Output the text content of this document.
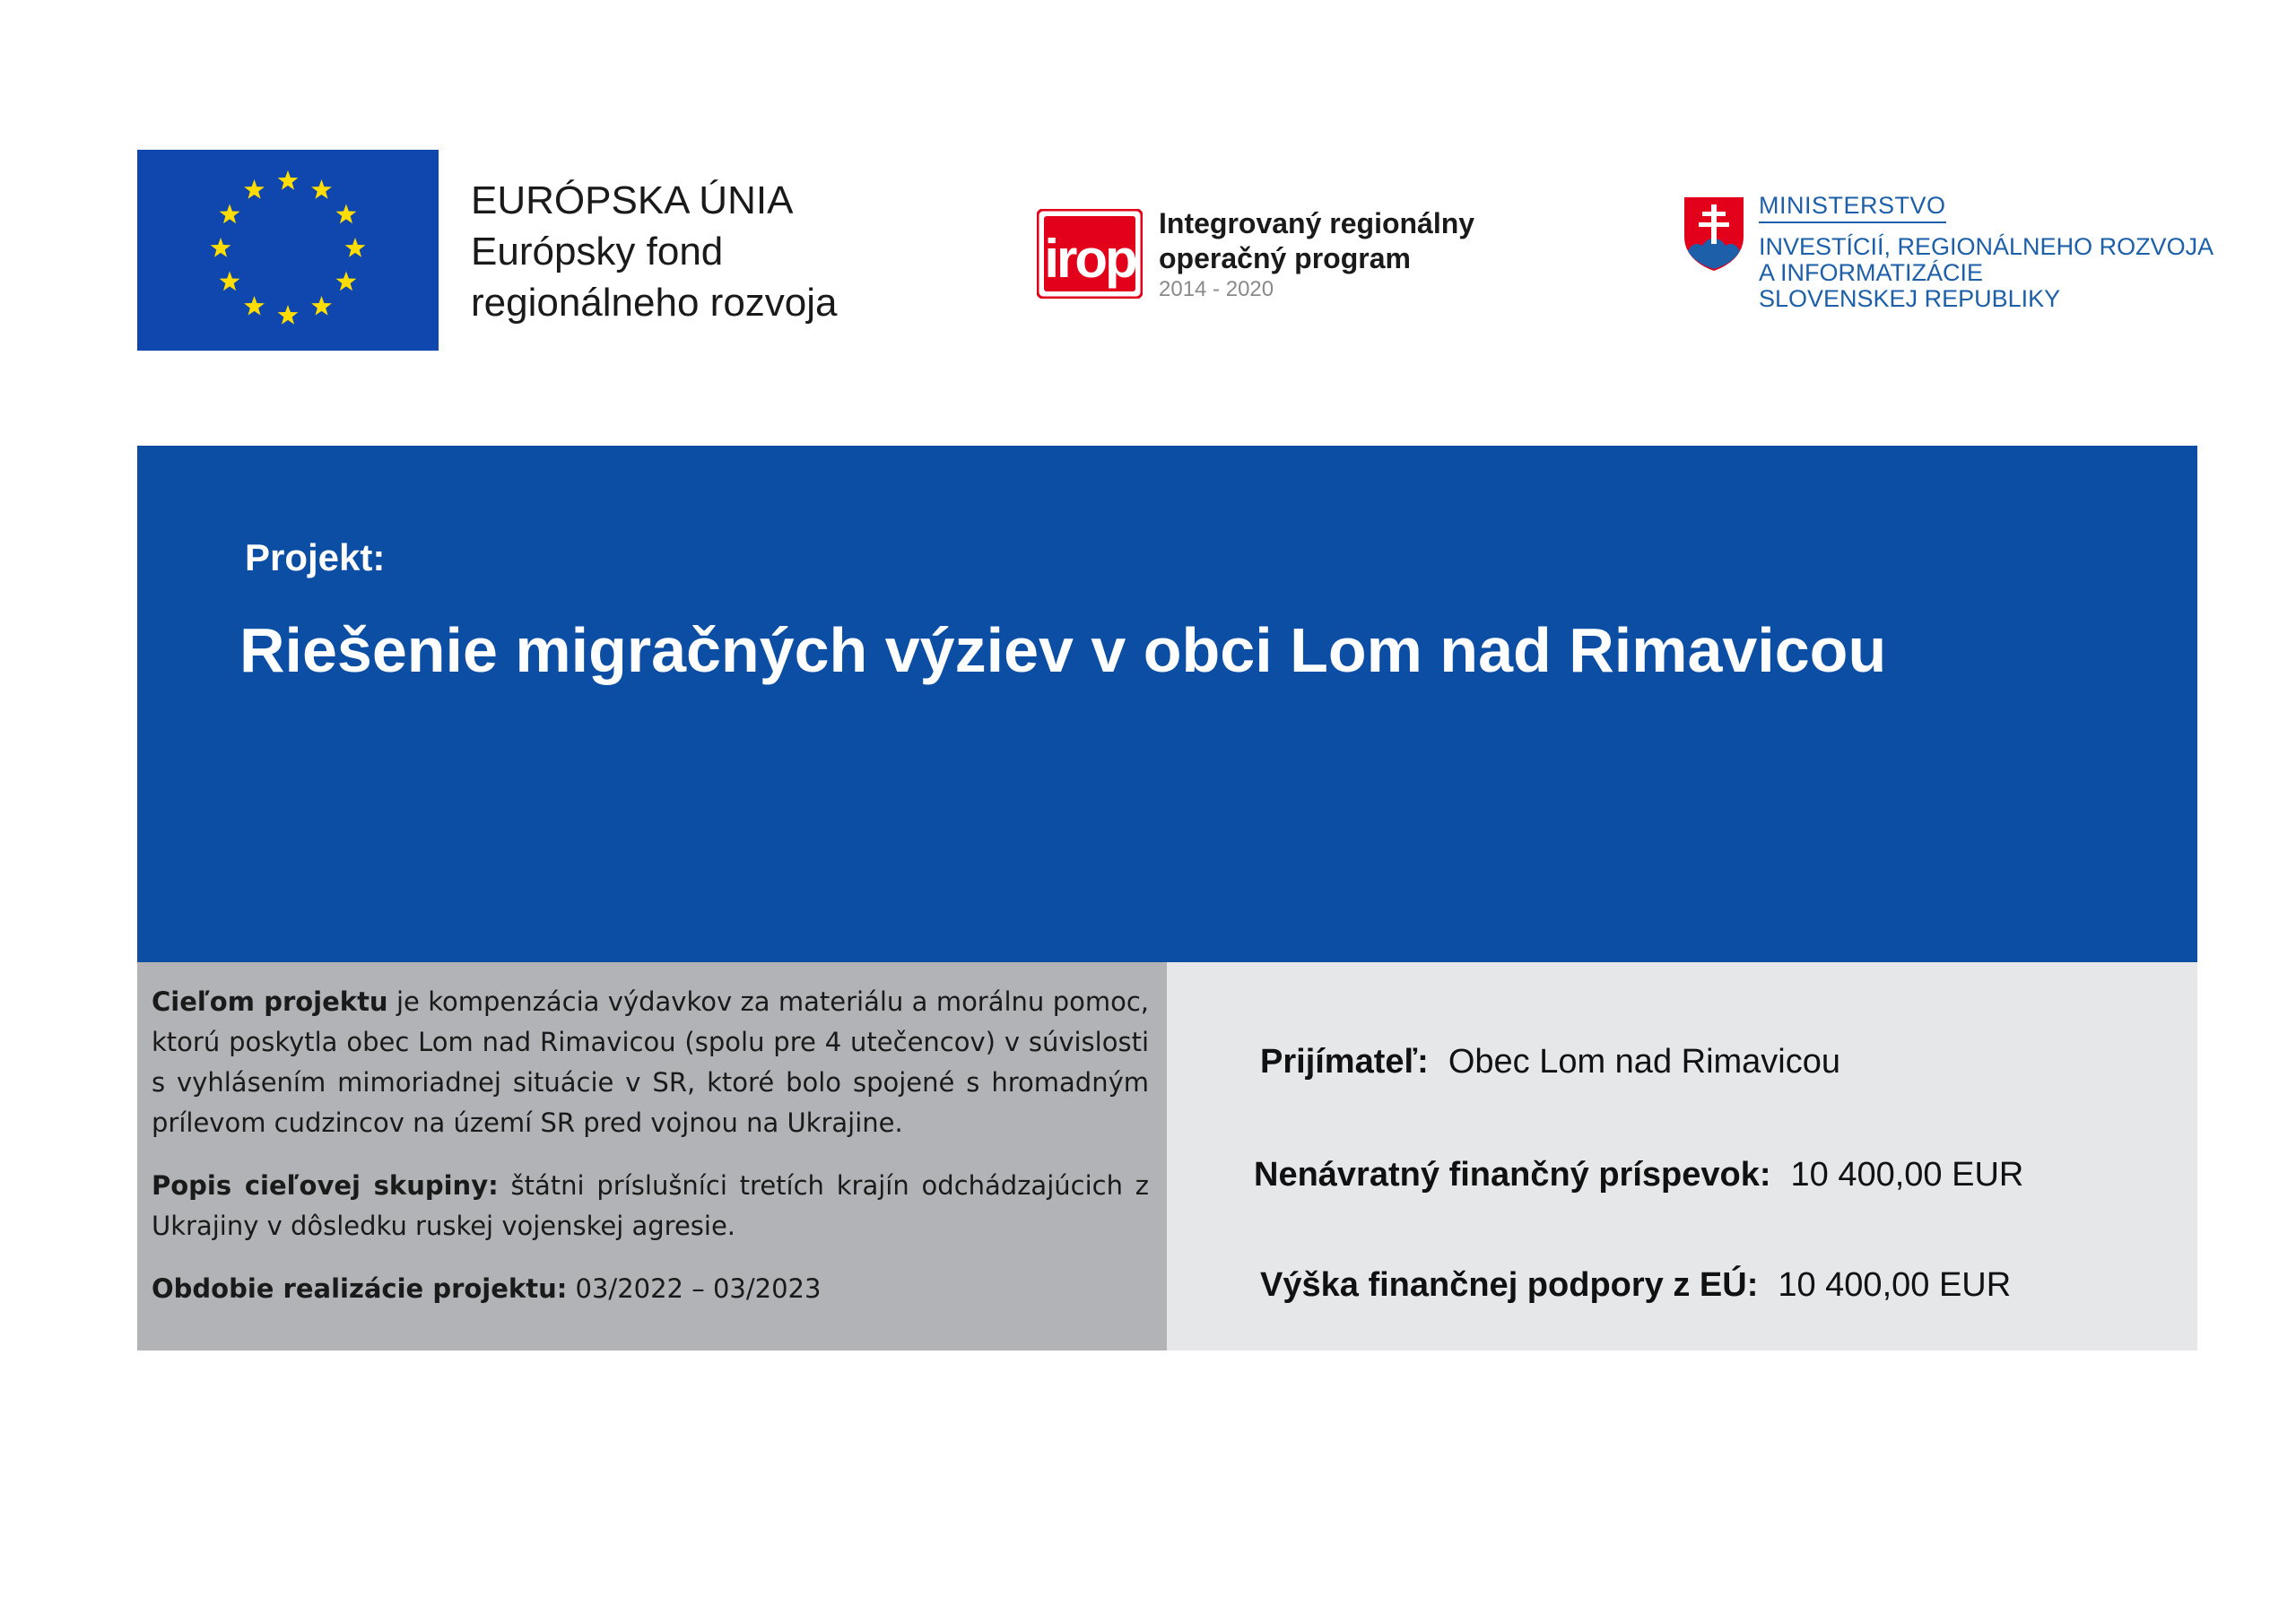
EURÓPSKA ÚNIA
Európsky fond
regionálneho rozvoja
irop
Integrovaný regionálny
operačný program
2014 - 2020
MINISTERSTVO
INVESTÍCIÍ, REGIONÁLNEHO ROZVOJA
A INFORMATIZÁCIE
SLOVENSKEJ REPUBLIKY
Projekt:
Riešenie migračných výziev v obci Lom nad Rimavicou

Cieľom projektu je kompenzácia výdavkov za materiálu a morálnu pomoc, ktorú poskytla obec Lom nad Rimavicou (spolu pre 4 utečencov) v súvislosti s vyhlásením mimoriadnej situácie v SR, ktoré bolo spojené s hromadným prílevom cudzincov na území SR pred vojnou na Ukrajine.

Popis cieľovej skupiny: štátni príslušníci tretích krajín odchádzajúcich z Ukrajiny v dôsledku ruskej vojenskej agresie.

Obdobie realizácie projektu: 03/2022 – 03/2023

Prijímateľ: Obec Lom nad Rimavicou
Nenávratný finančný príspevok: 10 400,00 EUR
Výška finančnej podpory z EÚ: 10 400,00 EUR
